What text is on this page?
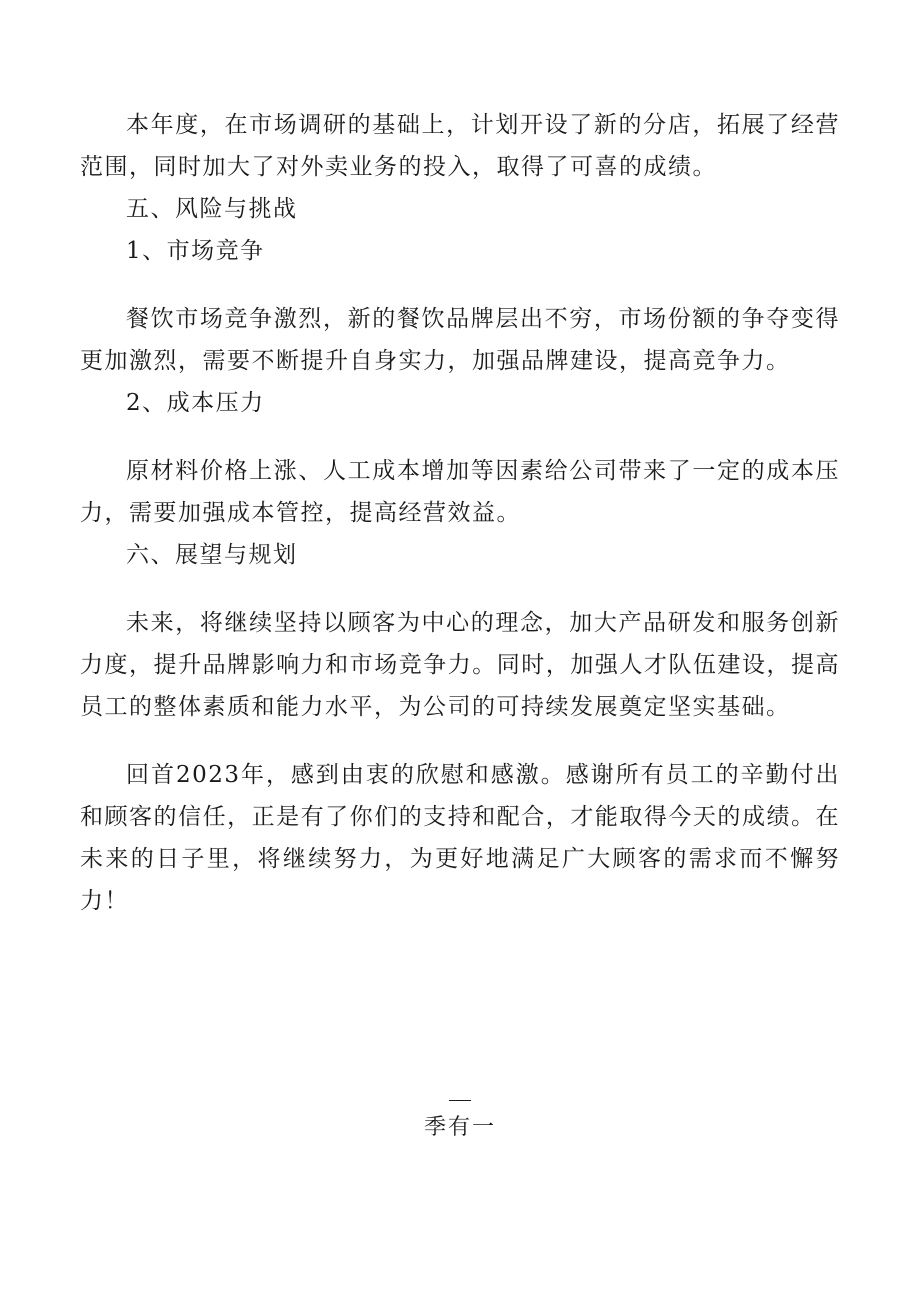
本年度，在市场调研的基础上，计划开设了新的分店，拓展了经营范围，同时加大了对外卖业务的投入，取得了可喜的成绩。

五、风险与挑战

1、市场竞争

餐饮市场竞争激烈，新的餐饮品牌层出不穷，市场份额的争夺变得更加激烈，需要不断提升自身实力，加强品牌建设，提高竞争力。

2、成本压力

原材料价格上涨、人工成本增加等因素给公司带来了一定的成本压力，需要加强成本管控，提高经营效益。

六、展望与规划

未来，将继续坚持以顾客为中心的理念，加大产品研发和服务创新力度，提升品牌影响力和市场竞争力。同时，加强人才队伍建设，提高员工的整体素质和能力水平，为公司的可持续发展奠定坚实基础。

回首2023年，感到由衷的欣慰和感激。感谢所有员工的辛勤付出和顾客的信任，正是有了你们的支持和配合，才能取得今天的成绩。在未来的日子里，将继续努力，为更好地满足广大顾客的需求而不懈努力！

季有一
